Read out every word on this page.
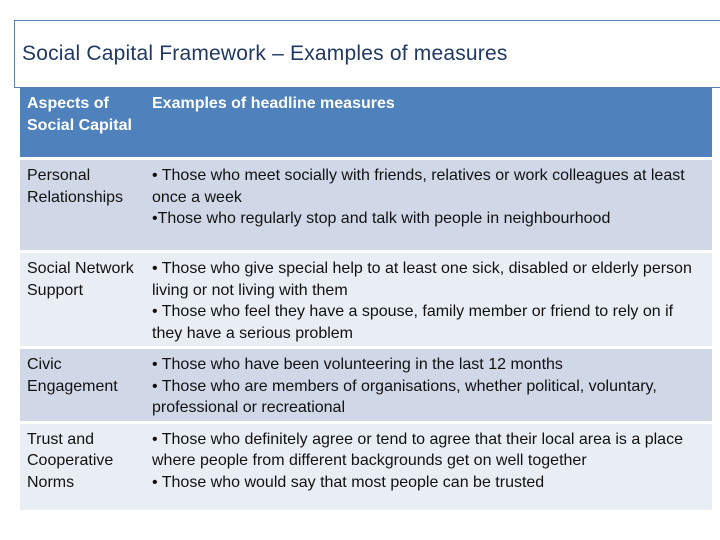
Social Capital Framework – Examples of measures
Aspects of Social Capital	Examples of headline measures
Personal Relationships	• Those who meet socially with friends, relatives or work colleagues at least once a week
•Those who regularly stop and talk with people in neighbourhood

Social Network Support	• Those who give special help to at least one sick, disabled or elderly person living or not living with them
• Those who feel they have a spouse, family member or friend to rely on if they have a serious problem

Civic Engagement	• Those who have been volunteering in the last 12 months
• Those who are members of organisations, whether political, voluntary, professional or recreational

Trust and Cooperative Norms	• Those who definitely agree or tend to agree that their local area is a place where people from different backgrounds get on well together
• Those who would say that most people can be trusted
